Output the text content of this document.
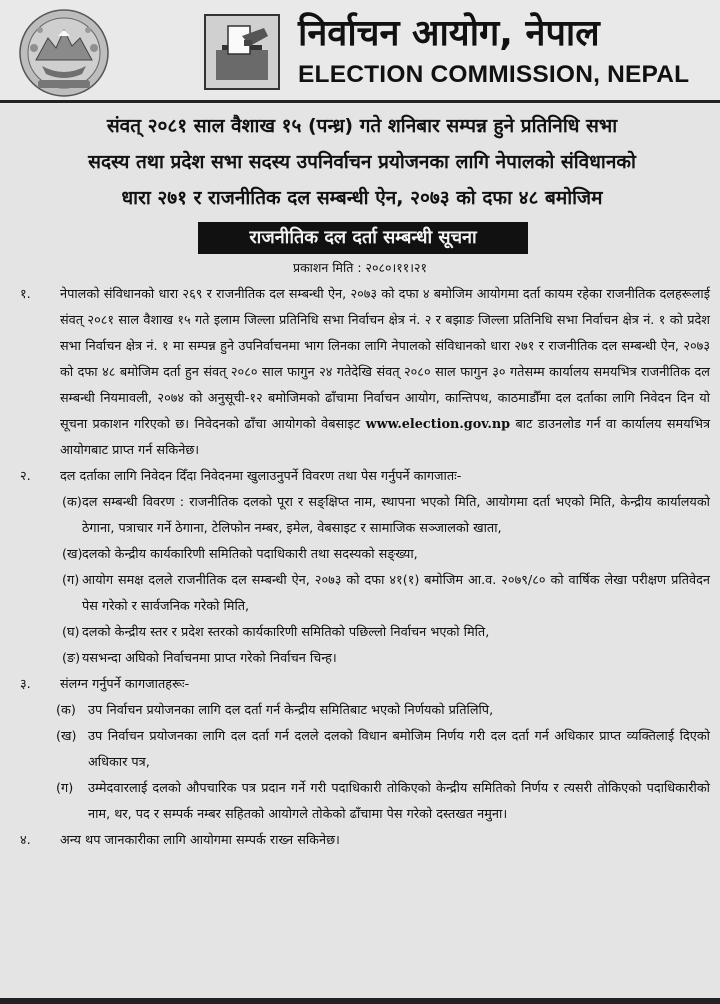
निर्वाचन आयोग, नेपाल
ELECTION COMMISSION, NEPAL
संवत् २०८१ साल वैशाख १५ (पन्ध्र) गते शनिबार सम्पन्न हुने प्रतिनिधि सभा
सदस्य तथा प्रदेश सभा सदस्य उपनिर्वाचन प्रयोजनका लागि नेपालको संविधानको
धारा २७१ र राजनीतिक दल सम्बन्धी ऐन, २०७३ को दफा ४८ बमोजिम
राजनीतिक दल दर्ता सम्बन्धी सूचना
प्रकाशन मिति : २०८०।११।२१
१.	नेपालको संविधानको धारा २६९ र राजनीतिक दल सम्बन्धी ऐन, २०७३ को दफा ४ बमोजिम आयोगमा दर्ता कायम रहेका राजनीतिक दलहरूलाई संवत् २०८१ साल वैशाख १५ गते इलाम जिल्ला प्रतिनिधि सभा निर्वाचन क्षेत्र नं. २ र बझाङ जिल्ला प्रतिनिधि सभा निर्वाचन क्षेत्र नं. १ को प्रदेश सभा निर्वाचन क्षेत्र नं. १ मा सम्पन्न हुने उपनिर्वाचनमा भाग लिनका लागि नेपालको संविधानको धारा २७१ र राजनीतिक दल सम्बन्धी ऐन, २०७३ को दफा ४८ बमोजिम दर्ता हुन संवत् २०८० साल फागुन २४ गतेदेखि संवत् २०८० साल फागुन ३० गतेसम्म कार्यालय समयभित्र राजनीतिक दल सम्बन्धी नियमावली, २०७४ को अनुसूची-१२ बमोजिमको ढाँचामा निर्वाचन आयोग, कान्तिपथ, काठमाडौँमा दल दर्ताका लागि निवेदन दिन यो सूचना प्रकाशन गरिएको छ। निवेदनको ढाँचा आयोगको वेबसाइट www.election.gov.np बाट डाउनलोड गर्न वा कार्यालय समयभित्र आयोगबाट प्राप्त गर्न सकिनेछ।
२.	दल दर्ताका लागि निवेदन दिँदा निवेदनमा खुलाउनुपर्ने विवरण तथा पेस गर्नुपर्ने कागजातः-
(क) दल सम्बन्धी विवरण : राजनीतिक दलको पूरा र सङ्क्षिप्त नाम, स्थापना भएको मिति, आयोगमा दर्ता भएको मिति, केन्द्रीय कार्यालयको ठेगाना, पत्राचार गर्ने ठेगाना, टेलिफोन नम्बर, इमेल, वेबसाइट र सामाजिक सञ्जालको खाता,
(ख) दलको केन्द्रीय कार्यकारिणी समितिको पदाधिकारी तथा सदस्यको सङ्ख्या,
(ग) आयोग समक्ष दलले राजनीतिक दल सम्बन्धी ऐन, २०७३ को दफा ४१(१) बमोजिम आ.व. २०७९/८० को वार्षिक लेखा परीक्षण प्रतिवेदन पेस गरेको र सार्वजनिक गरेको मिति,
(घ) दलको केन्द्रीय स्तर र प्रदेश स्तरको कार्यकारिणी समितिको पछिल्लो निर्वाचन भएको मिति,
(ङ) यसभन्दा अघिको निर्वाचनमा प्राप्त गरेको निर्वाचन चिन्ह।
३.	संलग्न गर्नुपर्ने कागजातहरूः-
(क) उप निर्वाचन प्रयोजनका लागि दल दर्ता गर्न केन्द्रीय समितिबाट भएको निर्णयको प्रतिलिपि,
(ख) उप निर्वाचन प्रयोजनका लागि दल दर्ता गर्न दलले दलको विधान बमोजिम निर्णय गरी दल दर्ता गर्न अधिकार प्राप्त व्यक्तिलाई दिएको अधिकार पत्र,
(ग) उम्मेदवारलाई दलको औपचारिक पत्र प्रदान गर्ने गरी पदाधिकारी तोकिएको केन्द्रीय समितिको निर्णय र त्यसरी तोकिएको पदाधिकारीको नाम, थर, पद र सम्पर्क नम्बर सहितको आयोगले तोकेको ढाँचामा पेस गरेको दस्तखत नमुना।
४.	अन्य थप जानकारीका लागि आयोगमा सम्पर्क राख्न सकिनेछ।
